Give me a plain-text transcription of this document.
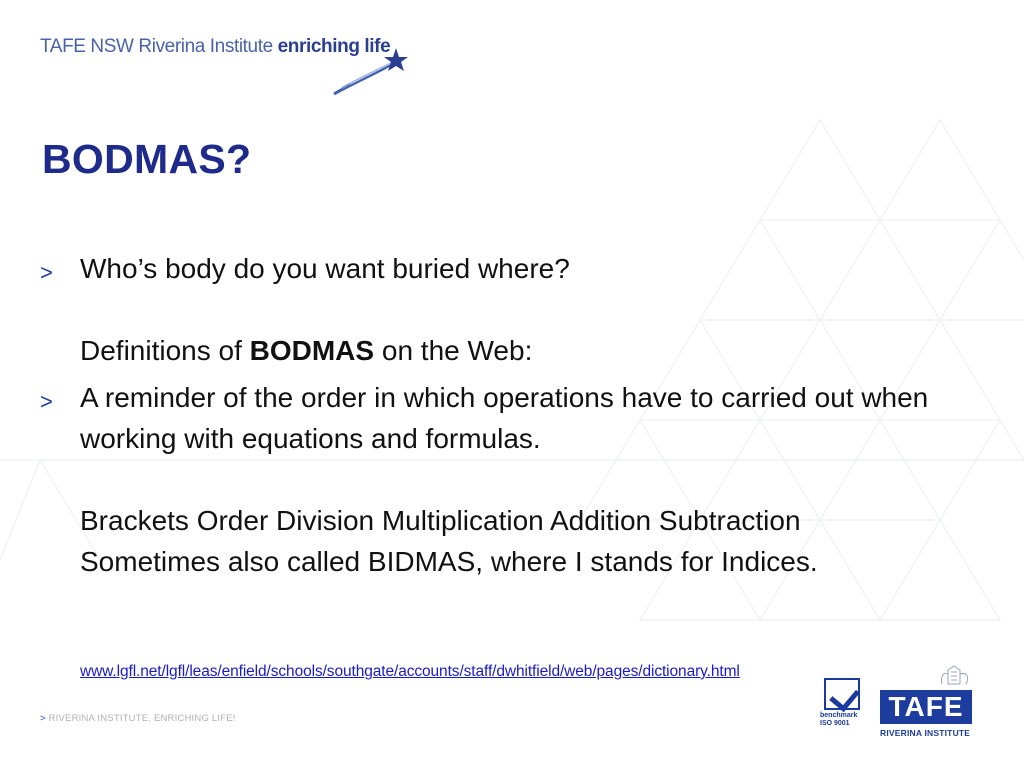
TAFE NSW Riverina Institute enriching life
BODMAS?
> Who’s body do you want buried where?
Definitions of BODMAS on the Web:
> A reminder of the order in which operations have to carried out when working with equations and formulas.
Brackets Order Division Multiplication Addition Subtraction
Sometimes also called BIDMAS, where I stands for Indices.
www.lgfl.net/lgfl/leas/enfield/schools/southgate/accounts/staff/dwhitfield/web/pages/dictionary.html
> RIVERINA INSTITUTE. ENRICHING LIFE!	benchmark
ISO 9001
TAFE
RIVERINA INSTITUTE
